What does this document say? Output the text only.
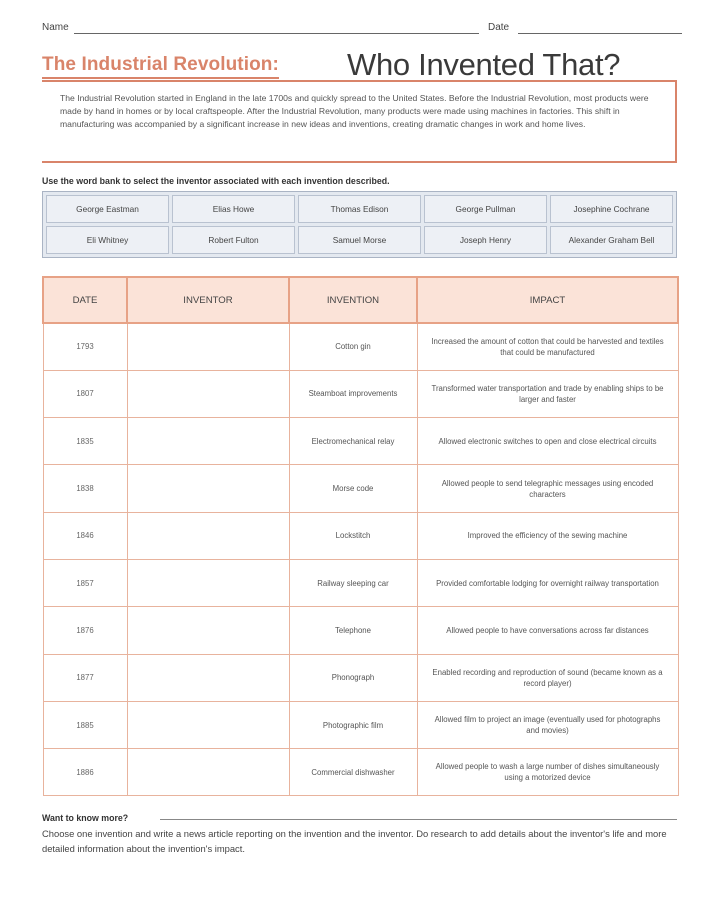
Name	Date
The Industrial Revolution: Who Invented That?
The Industrial Revolution started in England in the late 1700s and quickly spread to the United States. Before the Industrial Revolution, most products were made by hand in homes or by local craftspeople. After the Industrial Revolution, many products were made using machines in factories. This shift in manufacturing was accompanied by a significant increase in new ideas and inventions, creating dramatic changes in work and home lives.
Use the word bank to select the inventor associated with each invention described.
George Eastman	Elias Howe	Thomas Edison	George Pullman	Josephine Cochrane
Eli Whitney	Robert Fulton	Samuel Morse	Joseph Henry	Alexander Graham Bell
DATE	INVENTOR	INVENTION	IMPACT
1793		Cotton gin	Increased the amount of cotton that could be harvested and textiles that could be manufactured
1807		Steamboat improvements	Transformed water transportation and trade by enabling ships to be larger and faster
1835		Electromechanical relay	Allowed electronic switches to open and close electrical circuits
1838		Morse code	Allowed people to send telegraphic messages using encoded characters
1846		Lockstitch	Improved the efficiency of the sewing machine
1857		Railway sleeping car	Provided comfortable lodging for overnight railway transportation
1876		Telephone	Allowed people to have conversations across far distances
1877		Phonograph	Enabled recording and reproduction of sound (became known as a record player)
1885		Photographic film	Allowed film to project an image (eventually used for photographs and movies)
1886		Commercial dishwasher	Allowed people to wash a large number of dishes simultaneously using a motorized device
Want to know more?
Choose one invention and write a news article reporting on the invention and the inventor. Do research to add details about the inventor's life and more detailed information about the invention's impact.
